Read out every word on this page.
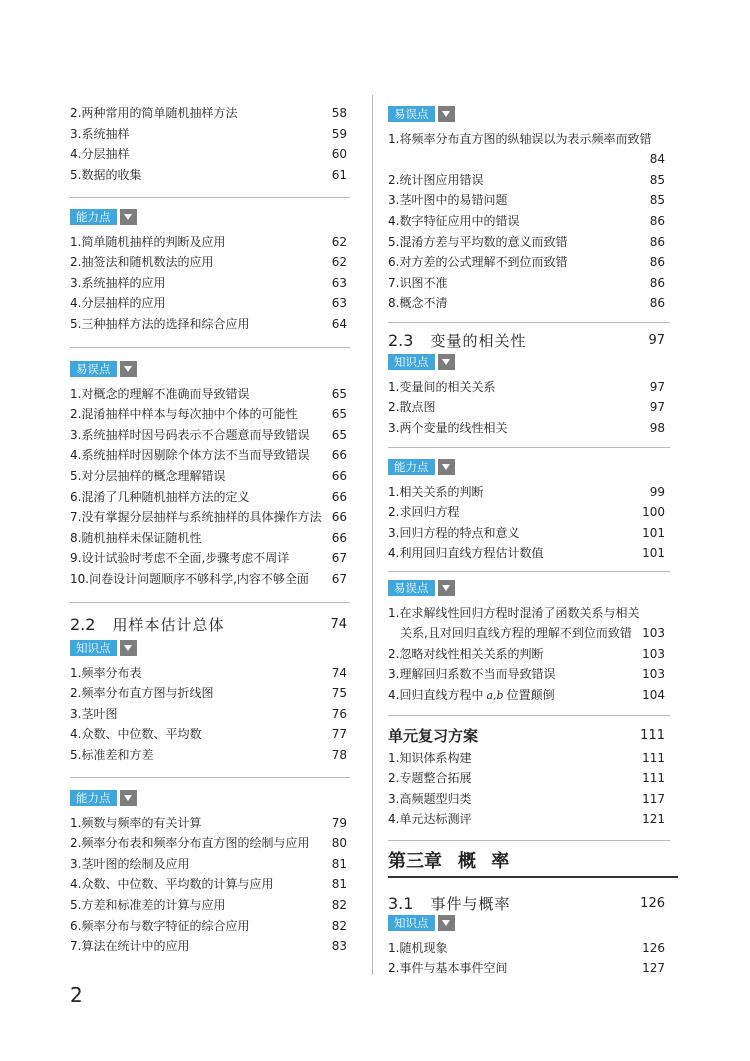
2.两种常用的简单随机抽样方法	58
3.系统抽样	59
4.分层抽样	60
5.数据的收集	61
能力点
1.简单随机抽样的判断及应用	62
2.抽签法和随机数法的应用	62
3.系统抽样的应用	63
4.分层抽样的应用	63
5.三种抽样方法的选择和综合应用	64
易误点
1.对概念的理解不准确而导致错误	65
2.混淆抽样中样本与每次抽中个体的可能性	65
3.系统抽样时因号码表示不合题意而导致错误 65
4.系统抽样时因剔除个体方法不当而导致错误 66
5.对分层抽样的概念理解错误	66
6.混淆了几种随机抽样方法的定义	66
7.没有掌握分层抽样与系统抽样的具体操作方法 66
8.随机抽样未保证随机性	66
9.设计试验时考虑不全面,步骤考虑不周详	67
10.问卷设计问题顺序不够科学,内容不够全面 67
2.2 用样本估计总体	74
知识点
1.频率分布表	74
2.频率分布直方图与折线图	75
3.茎叶图	76
4.众数、中位数、平均数	77
5.标准差和方差	78
能力点
1.频数与频率的有关计算	79
2.频率分布表和频率分布直方图的绘制与应用 80
3.茎叶图的绘制及应用	81
4.众数、中位数、平均数的计算与应用	81
5.方差和标准差的计算与应用	82
6.频率分布与数字特征的综合应用	82
7.算法在统计中的应用	83
2
易误点
1.将频率分布直方图的纵轴误以为表示频率而致错
84
2.统计图应用错误	85
3.茎叶图中的易错问题	85
4.数字特征应用中的错误	86
5.混淆方差与平均数的意义而致错	86
6.对方差的公式理解不到位而致错	86
7.识图不准	86
8.概念不清	86
2.3 变量的相关性	97
知识点
1.变量间的相关关系	97
2.散点图	97
3.两个变量的线性相关	98
能力点
1.相关关系的判断	99
2.求回归方程	100
3.回归方程的特点和意义	101
4.利用回归直线方程估计数值	101
易误点
1.在求解线性回归方程时混淆了函数关系与相关
关系,且对回归直线方程的理解不到位而致错 103
2.忽略对线性相关关系的判断	103
3.理解回归系数不当而导致错误	103
4.回归直线方程中 a,b 位置颠倒	104
单元复习方案	111
1.知识体系构建	111
2.专题整合拓展	111
3.高频题型归类	117
4.单元达标测评	121
第三章 概 率
3.1 事件与概率	126
知识点
1.随机现象	126
2.事件与基本事件空间	127
